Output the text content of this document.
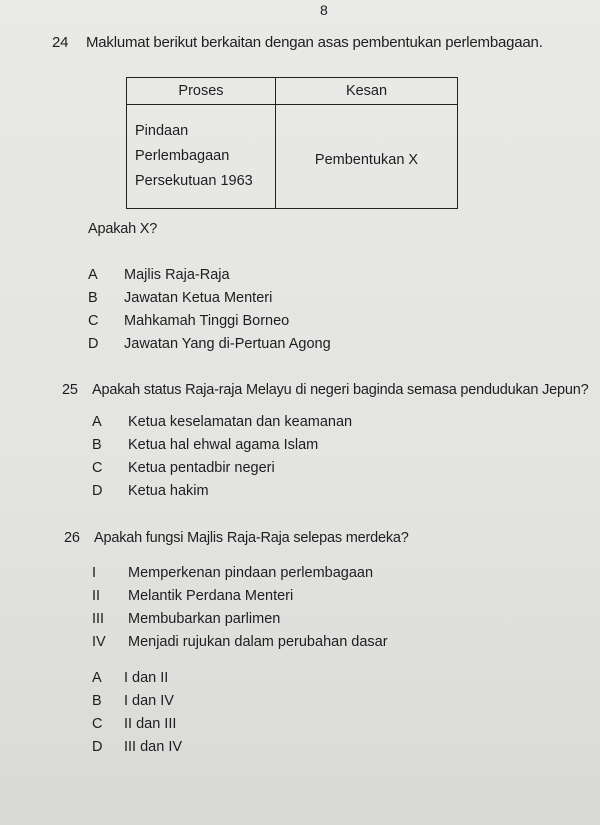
8
24 Maklumat berikut berkaitan dengan asas pembentukan perlembagaan.
Proses	Kesan

Pindaan
Perlembagaan
Persekutuan 1963	Pembentukan X
Apakah X?
A	Majlis Raja-Raja
B	Jawatan Ketua Menteri
C	Mahkamah Tinggi Borneo
D	Jawatan Yang di-Pertuan Agong
25 Apakah status Raja-raja Melayu di negeri baginda semasa pendudukan Jepun?
A	Ketua keselamatan dan keamanan
B	Ketua hal ehwal agama Islam
C	Ketua pentadbir negeri
D	Ketua hakim
26 Apakah fungsi Majlis Raja-Raja selepas merdeka?
I	Memperkenan pindaan perlembagaan
II	Melantik Perdana Menteri
III	Membubarkan parlimen
IV	Menjadi rujukan dalam perubahan dasar
A	I dan II
B	I dan IV
C	II dan III
D	III dan IV
